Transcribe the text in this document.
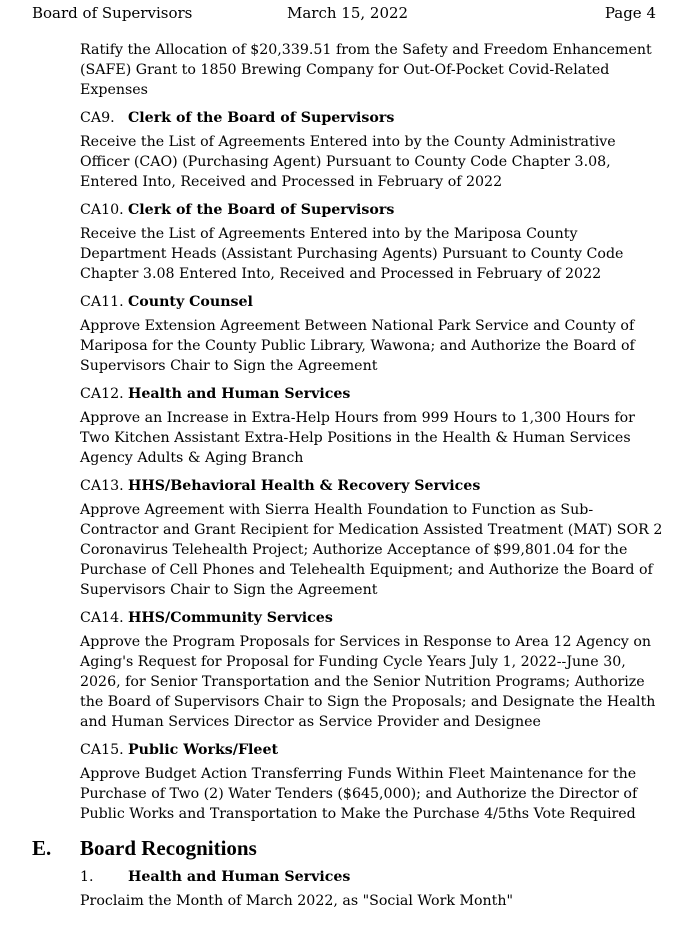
Board of Supervisors	March 15, 2022	Page 4

Ratify the Allocation of $20,339.51 from the Safety and Freedom Enhancement (SAFE) Grant to 1850 Brewing Company for Out-Of-Pocket Covid-Related Expenses

CA9. Clerk of the Board of Supervisors

Receive the List of Agreements Entered into by the County Administrative Officer (CAO) (Purchasing Agent) Pursuant to County Code Chapter 3.08, Entered Into, Received and Processed in February of 2022

CA10. Clerk of the Board of Supervisors

Receive the List of Agreements Entered into by the Mariposa County Department Heads (Assistant Purchasing Agents) Pursuant to County Code Chapter 3.08 Entered Into, Received and Processed in February of 2022

CA11. County Counsel

Approve Extension Agreement Between National Park Service and County of Mariposa for the County Public Library, Wawona; and Authorize the Board of Supervisors Chair to Sign the Agreement

CA12. Health and Human Services

Approve an Increase in Extra-Help Hours from 999 Hours to 1,300 Hours for Two Kitchen Assistant Extra-Help Positions in the Health & Human Services Agency Adults & Aging Branch

CA13. HHS/Behavioral Health & Recovery Services

Approve Agreement with Sierra Health Foundation to Function as Sub-Contractor and Grant Recipient for Medication Assisted Treatment (MAT) SOR 2 Coronavirus Telehealth Project; Authorize Acceptance of $99,801.04 for the Purchase of Cell Phones and Telehealth Equipment; and Authorize the Board of Supervisors Chair to Sign the Agreement

CA14. HHS/Community Services

Approve the Program Proposals for Services in Response to Area 12 Agency on Aging's Request for Proposal for Funding Cycle Years July 1, 2022--June 30, 2026, for Senior Transportation and the Senior Nutrition Programs; Authorize the Board of Supervisors Chair to Sign the Proposals; and Designate the Health and Human Services Director as Service Provider and Designee

CA15. Public Works/Fleet

Approve Budget Action Transferring Funds Within Fleet Maintenance for the Purchase of Two (2) Water Tenders ($645,000); and Authorize the Director of Public Works and Transportation to Make the Purchase 4/5ths Vote Required

E. Board Recognitions

1. Health and Human Services

Proclaim the Month of March 2022, as "Social Work Month"
